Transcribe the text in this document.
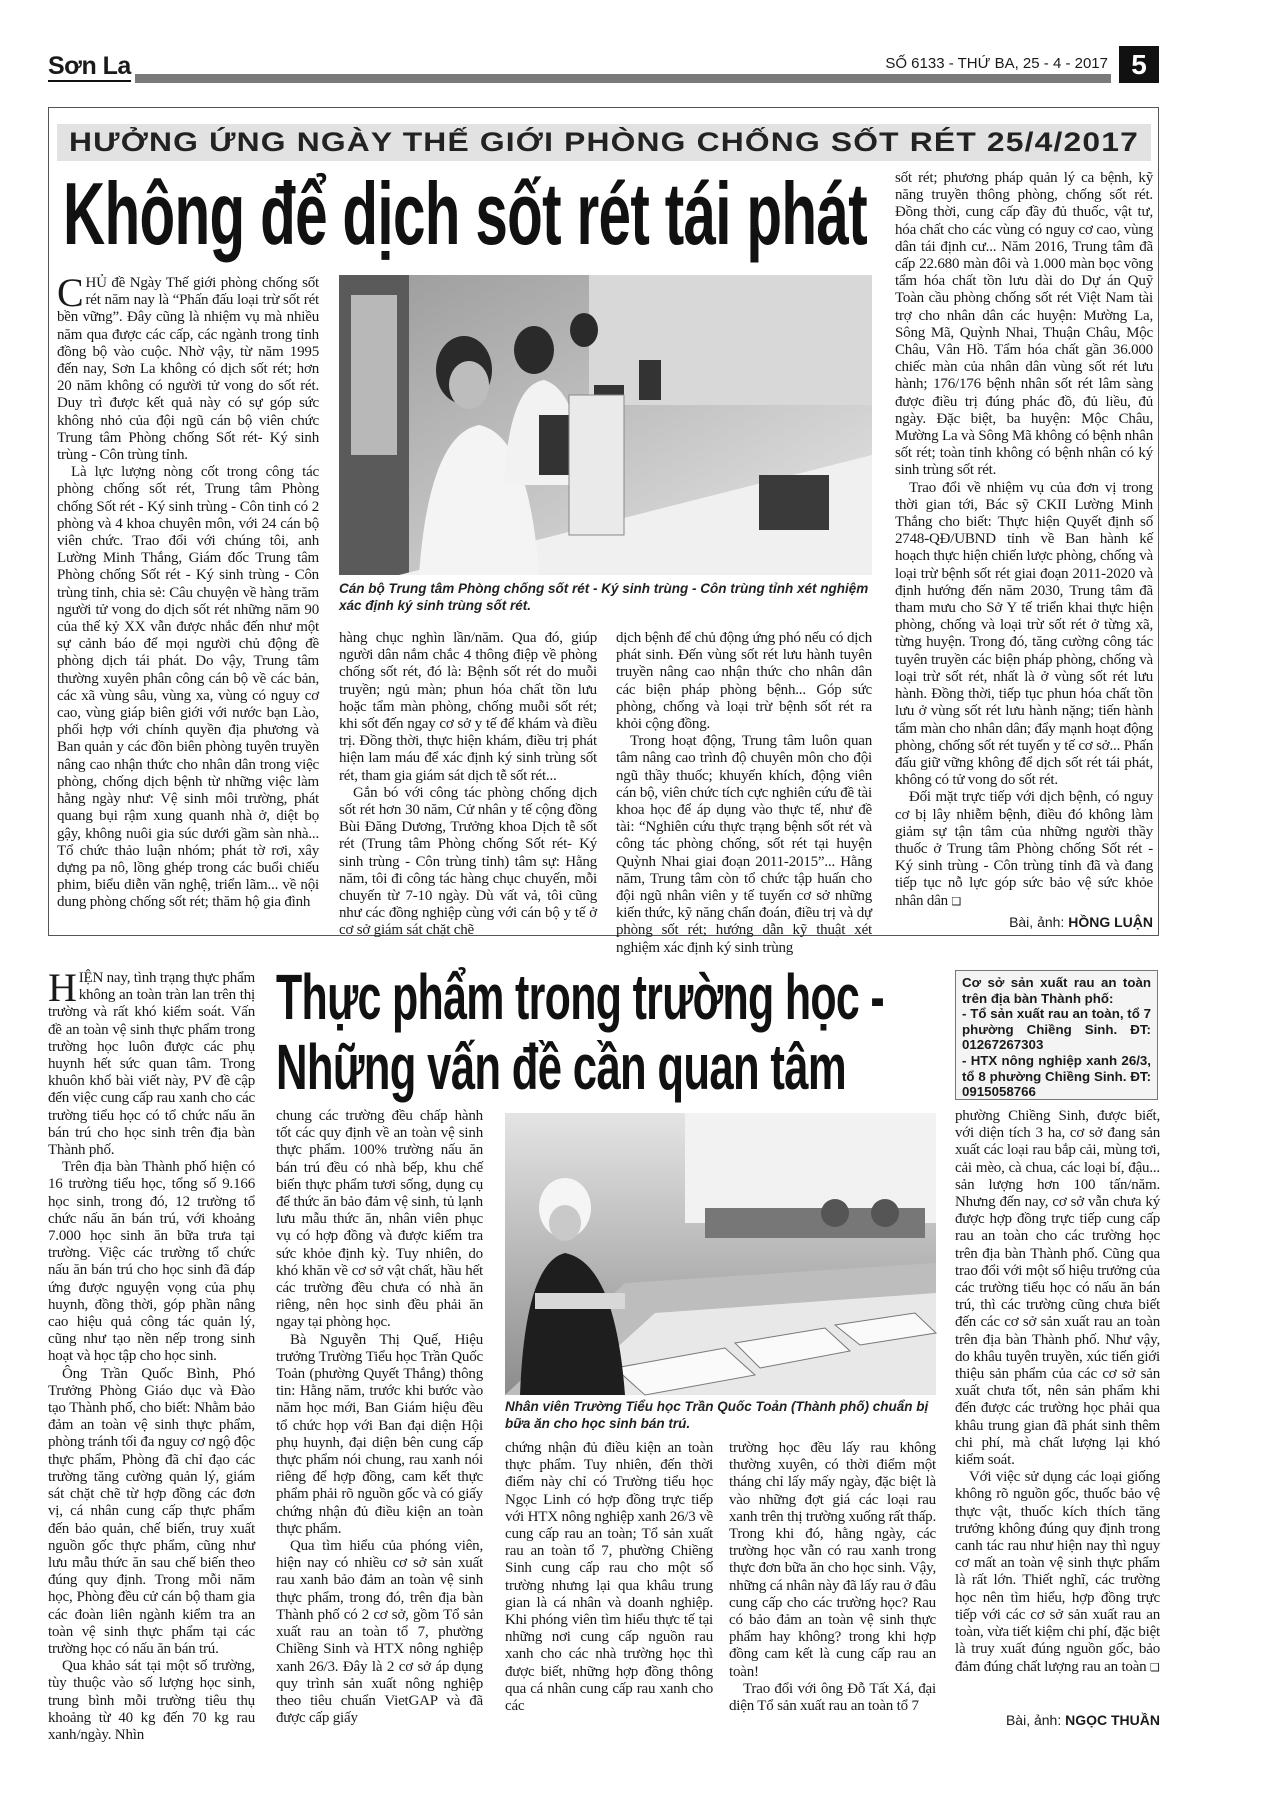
Sơn La	SỐ 6133 - THỨ BA, 25 - 4 - 2017 5
HƯỞNG ỨNG NGÀY THẾ GIỚI PHÒNG CHỐNG SỐT RÉT 25/4/2017
Không để dịch sốt rét tái phát

CHỦ đề Ngày Thế giới phòng chống sốt rét năm nay là “Phấn đấu loại trừ sốt rét bền vững”. Đây cũng là nhiệm vụ mà nhiều năm qua được các cấp, các ngành trong tỉnh đồng bộ vào cuộc. Nhờ vậy, từ năm 1995 đến nay, Sơn La không có dịch sốt rét; hơn 20 năm không có người tử vong do sốt rét. Duy trì được kết quả này có sự góp sức không nhỏ của đội ngũ cán bộ viên chức Trung tâm Phòng chống Sốt rét- Ký sinh trùng - Côn trùng tỉnh.

Là lực lượng nòng cốt trong công tác phòng chống sốt rét, Trung tâm Phòng chống Sốt rét - Ký sinh trùng - Côn tinh có 2 phòng và 4 khoa chuyên môn, với 24 cán bộ viên chức. Trao đổi với chúng tôi, anh Lường Minh Thắng, Giám đốc Trung tâm Phòng chống Sốt rét - Ký sinh trùng - Côn trùng tỉnh, chia sẻ: Câu chuyện về hàng trăm người tử vong do dịch sốt rét những năm 90 của thế kỷ XX vẫn được nhắc đến như một sự cảnh báo để mọi người chủ động đề phòng dịch tái phát. Do vậy, Trung tâm thường xuyên phân công cán bộ về các bản, các xã vùng sâu, vùng xa, vùng có nguy cơ cao, vùng giáp biên giới với nước bạn Lào, phối hợp với chính quyền địa phương và Ban quản y các đồn biên phòng tuyên truyền nâng cao nhận thức cho nhân dân trong việc phòng, chống dịch bệnh từ những việc làm hằng ngày như: Vệ sinh môi trường, phát quang bụi rậm xung quanh nhà ở, diệt bọ gậy, không nuôi gia súc dưới gầm sàn nhà... Tổ chức thảo luận nhóm; phát tờ rơi, xây dựng pa nô, lồng ghép trong các buổi chiếu phim, biểu diễn văn nghệ, triển lãm... về nội dung phòng chống sốt rét; thăm hộ gia đình

Cán bộ Trung tâm Phòng chống sốt rét - Ký sinh trùng - Côn trùng tỉnh xét nghiệm xác định ký sinh trùng sốt rét.

hàng chục nghìn lần/năm. Qua đó, giúp người dân nắm chắc 4 thông điệp về phòng chống sốt rét, đó là: Bệnh sốt rét do muỗi truyền; ngủ màn; phun hóa chất tồn lưu hoặc tẩm màn phòng, chống muỗi sốt rét; khi sốt đến ngay cơ sở y tế để khám và điều trị. Đồng thời, thực hiện khám, điều trị phát hiện lam máu để xác định ký sinh trùng sốt rét, tham gia giám sát dịch tễ sốt rét...

Gắn bó với công tác phòng chống dịch sốt rét hơn 30 năm, Cử nhân y tế cộng đồng Bùi Đăng Dương, Trưởng khoa Dịch tễ sốt rét (Trung tâm Phòng chống Sốt rét- Ký sinh trùng - Côn trùng tỉnh) tâm sự: Hằng năm, tôi đi công tác hàng chục chuyến, mỗi chuyến từ 7-10 ngày. Dù vất vả, tôi cũng như các đồng nghiệp cùng với cán bộ y tế ở cơ sở giám sát chặt chẽ

dịch bệnh để chủ động ứng phó nếu có dịch phát sinh. Đến vùng sốt rét lưu hành tuyên truyền nâng cao nhận thức cho nhân dân các biện pháp phòng bệnh... Góp sức phòng, chống và loại trừ bệnh sốt rét ra khỏi cộng đồng.

Trong hoạt động, Trung tâm luôn quan tâm nâng cao trình độ chuyên môn cho đội ngũ thầy thuốc; khuyến khích, động viên cán bộ, viên chức tích cực nghiên cứu đề tài khoa học để áp dụng vào thực tế, như đề tài: “Nghiên cứu thực trạng bệnh sốt rét và công tác phòng chống, sốt rét tại huyện Quỳnh Nhai giai đoạn 2011-2015”... Hằng năm, Trung tâm còn tổ chức tập huấn cho đội ngũ nhân viên y tế tuyến cơ sở những kiến thức, kỹ năng chẩn đoán, điều trị và dự phòng sốt rét; hướng dẫn kỹ thuật xét nghiệm xác định ký sinh trùng

sốt rét; phương pháp quản lý ca bệnh, kỹ năng truyền thông phòng, chống sốt rét. Đồng thời, cung cấp đầy đủ thuốc, vật tư, hóa chất cho các vùng có nguy cơ cao, vùng dân tái định cư... Năm 2016, Trung tâm đã cấp 22.680 màn đôi và 1.000 màn bọc võng tẩm hóa chất tồn lưu dài do Dự án Quỹ Toàn cầu phòng chống sốt rét Việt Nam tài trợ cho nhân dân các huyện: Mường La, Sông Mã, Quỳnh Nhai, Thuận Châu, Mộc Châu, Vân Hồ. Tẩm hóa chất gần 36.000 chiếc màn của nhân dân vùng sốt rét lưu hành; 176/176 bệnh nhân sốt rét lâm sàng được điều trị đúng phác đồ, đủ liều, đủ ngày. Đặc biệt, ba huyện: Mộc Châu, Mường La và Sông Mã không có bệnh nhân sốt rét; toàn tỉnh không có bệnh nhân có ký sinh trùng sốt rét.

Trao đổi về nhiệm vụ của đơn vị trong thời gian tới, Bác sỹ CKII Lường Minh Thắng cho biết: Thực hiện Quyết định số 2748-QĐ/UBND tỉnh về Ban hành kế hoạch thực hiện chiến lược phòng, chống và loại trừ bệnh sốt rét giai đoạn 2011-2020 và định hướng đến năm 2030, Trung tâm đã tham mưu cho Sở Y tế triển khai thực hiện phòng, chống và loại trừ sốt rét ở từng xã, từng huyện. Trong đó, tăng cường công tác tuyên truyền các biện pháp phòng, chống và loại trừ sốt rét, nhất là ở vùng sốt rét lưu hành. Đồng thời, tiếp tục phun hóa chất tồn lưu ở vùng sốt rét lưu hành nặng; tiến hành tẩm màn cho nhân dân; đẩy mạnh hoạt động phòng, chống sốt rét tuyến y tế cơ sở... Phấn đấu giữ vững không để dịch sốt rét tái phát, không có tử vong do sốt rét.

Đối mặt trực tiếp với dịch bệnh, có nguy cơ bị lây nhiễm bệnh, điều đó không làm giảm sự tận tâm của những người thầy thuốc ở Trung tâm Phòng chống Sốt rét - Ký sinh trùng - Côn trùng tỉnh đã và đang tiếp tục nỗ lực góp sức bảo vệ sức khỏe nhân dân ❑

Bài, ảnh: HỒNG LUẬN

HIỆN nay, tình trạng thực phẩm không an toàn tràn lan trên thị trường và rất khó kiểm soát. Vấn đề an toàn vệ sinh thực phẩm trong trường học luôn được các phụ huynh hết sức quan tâm. Trong khuôn khổ bài viết này, PV đề cập đến việc cung cấp rau xanh cho các trường tiểu học có tổ chức nấu ăn bán trú cho học sinh trên địa bàn Thành phố.

Trên địa bàn Thành phố hiện có 16 trường tiểu học, tổng số 9.166 học sinh, trong đó, 12 trường tổ chức nấu ăn bán trú, với khoảng 7.000 học sinh ăn bữa trưa tại trường. Việc các trường tổ chức nấu ăn bán trú cho học sinh đã đáp ứng được nguyện vọng của phụ huynh, đồng thời, góp phần nâng cao hiệu quả công tác quản lý, cũng như tạo nền nếp trong sinh hoạt và học tập cho học sinh.

Ông Trần Quốc Bình, Phó Trưởng Phòng Giáo dục và Đào tạo Thành phố, cho biết: Nhằm bảo đảm an toàn vệ sinh thực phẩm, phòng tránh tối đa nguy cơ ngộ độc thực phẩm, Phòng đã chỉ đạo các trường tăng cường quản lý, giám sát chặt chẽ từ hợp đồng các đơn vị, cá nhân cung cấp thực phẩm đến bảo quản, chế biến, truy xuất nguồn gốc thực phẩm, cũng như lưu mẫu thức ăn sau chế biến theo đúng quy định. Trong mỗi năm học, Phòng đều cử cán bộ tham gia các đoàn liên ngành kiểm tra an toàn vệ sinh thực phẩm tại các trường học có nấu ăn bán trú.

Qua khảo sát tại một số trường, tùy thuộc vào số lượng học sinh, trung bình mỗi trường tiêu thụ khoảng từ 40 kg đến 70 kg rau xanh/ngày. Nhìn

Thực phẩm trong trường học -
Những vấn đề cần quan tâm

chung các trường đều chấp hành tốt các quy định về an toàn vệ sinh thực phẩm. 100% trường nấu ăn bán trú đều có nhà bếp, khu chế biến thực phẩm tươi sống, dụng cụ để thức ăn bảo đảm vệ sinh, tủ lạnh lưu mẫu thức ăn, nhân viên phục vụ có hợp đồng và được kiểm tra sức khỏe định kỳ. Tuy nhiên, do khó khăn về cơ sở vật chất, hầu hết các trường đều chưa có nhà ăn riêng, nên học sinh đều phải ăn ngay tại phòng học.

Bà Nguyễn Thị Quế, Hiệu trưởng Trường Tiểu học Trần Quốc Toản (phường Quyết Thắng) thông tin: Hằng năm, trước khi bước vào năm học mới, Ban Giám hiệu đều tổ chức họp với Ban đại diện Hội phụ huynh, đại diện bên cung cấp thực phẩm nói chung, rau xanh nói riêng để hợp đồng, cam kết thực phẩm phải rõ nguồn gốc và có giấy chứng nhận đủ điều kiện an toàn thực phẩm.

Qua tìm hiểu của phóng viên, hiện nay có nhiều cơ sở sản xuất rau xanh bảo đảm an toàn vệ sinh thực phẩm, trong đó, trên địa bàn Thành phố có 2 cơ sở, gồm Tổ sản xuất rau an toàn tổ 7, phường Chiềng Sinh và HTX nông nghiệp xanh 26/3. Đây là 2 cơ sở áp dụng quy trình sản xuất nông nghiệp theo tiêu chuẩn VietGAP và đã được cấp giấy

Nhân viên Trường Tiểu học Trần Quốc Toản (Thành phố) chuẩn bị bữa ăn cho học sinh bán trú.

chứng nhận đủ điều kiện an toàn thực phẩm. Tuy nhiên, đến thời điểm này chỉ có Trường tiểu học Ngọc Linh có hợp đồng trực tiếp với HTX nông nghiệp xanh 26/3 về cung cấp rau an toàn; Tổ sản xuất rau an toàn tổ 7, phường Chiềng Sinh cung cấp rau cho một số trường nhưng lại qua khâu trung gian là cá nhân và doanh nghiệp. Khi phóng viên tìm hiểu thực tế tại những nơi cung cấp nguồn rau xanh cho các nhà trường học thì được biết, những hợp đồng thông qua cá nhân cung cấp rau xanh cho các

trường học đều lấy rau không thường xuyên, có thời điểm một tháng chỉ lấy mấy ngày, đặc biệt là vào những đợt giá các loại rau xanh trên thị trường xuống rất thấp. Trong khi đó, hằng ngày, các trường học vẫn có rau xanh trong thực đơn bữa ăn cho học sinh. Vậy, những cá nhân này đã lấy rau ở đâu cung cấp cho các trường học? Rau có bảo đảm an toàn vệ sinh thực phẩm hay không? trong khi hợp đồng cam kết là cung cấp rau an toàn!

Trao đổi với ông Đỗ Tất Xá, đại diện Tổ sản xuất rau an toàn tổ 7

Cơ sở sản xuất rau an toàn trên địa bàn Thành phố:
- Tổ sản xuất rau an toàn, tổ 7 phường Chiềng Sinh. ĐT: 01267267303
- HTX nông nghiệp xanh 26/3, tổ 8 phường Chiềng Sinh. ĐT: 0915058766

phường Chiềng Sinh, được biết, với diện tích 3 ha, cơ sở đang sản xuất các loại rau bắp cải, mùng tơi, cải mèo, cà chua, các loại bí, đậu... sản lượng hơn 100 tấn/năm. Nhưng đến nay, cơ sở vẫn chưa ký được hợp đồng trực tiếp cung cấp rau an toàn cho các trường học trên địa bàn Thành phố. Cũng qua trao đổi với một số hiệu trưởng của các trường tiểu học có nấu ăn bán trú, thì các trường cũng chưa biết đến các cơ sở sản xuất rau an toàn trên địa bàn Thành phố. Như vậy, do khâu tuyên truyền, xúc tiến giới thiệu sản phẩm của các cơ sở sản xuất chưa tốt, nên sản phẩm khi đến được các trường học phải qua khâu trung gian đã phát sinh thêm chi phí, mà chất lượng lại khó kiểm soát.

Với việc sử dụng các loại giống không rõ nguồn gốc, thuốc bảo vệ thực vật, thuốc kích thích tăng trưởng không đúng quy định trong canh tác rau như hiện nay thì nguy cơ mất an toàn vệ sinh thực phẩm là rất lớn. Thiết nghĩ, các trường học nên tìm hiểu, hợp đồng trực tiếp với các cơ sở sản xuất rau an toàn, vừa tiết kiệm chi phí, đặc biệt là truy xuất đúng nguồn gốc, bảo đảm đúng chất lượng rau an toàn ❑

Bài, ảnh: NGỌC THUẦN
